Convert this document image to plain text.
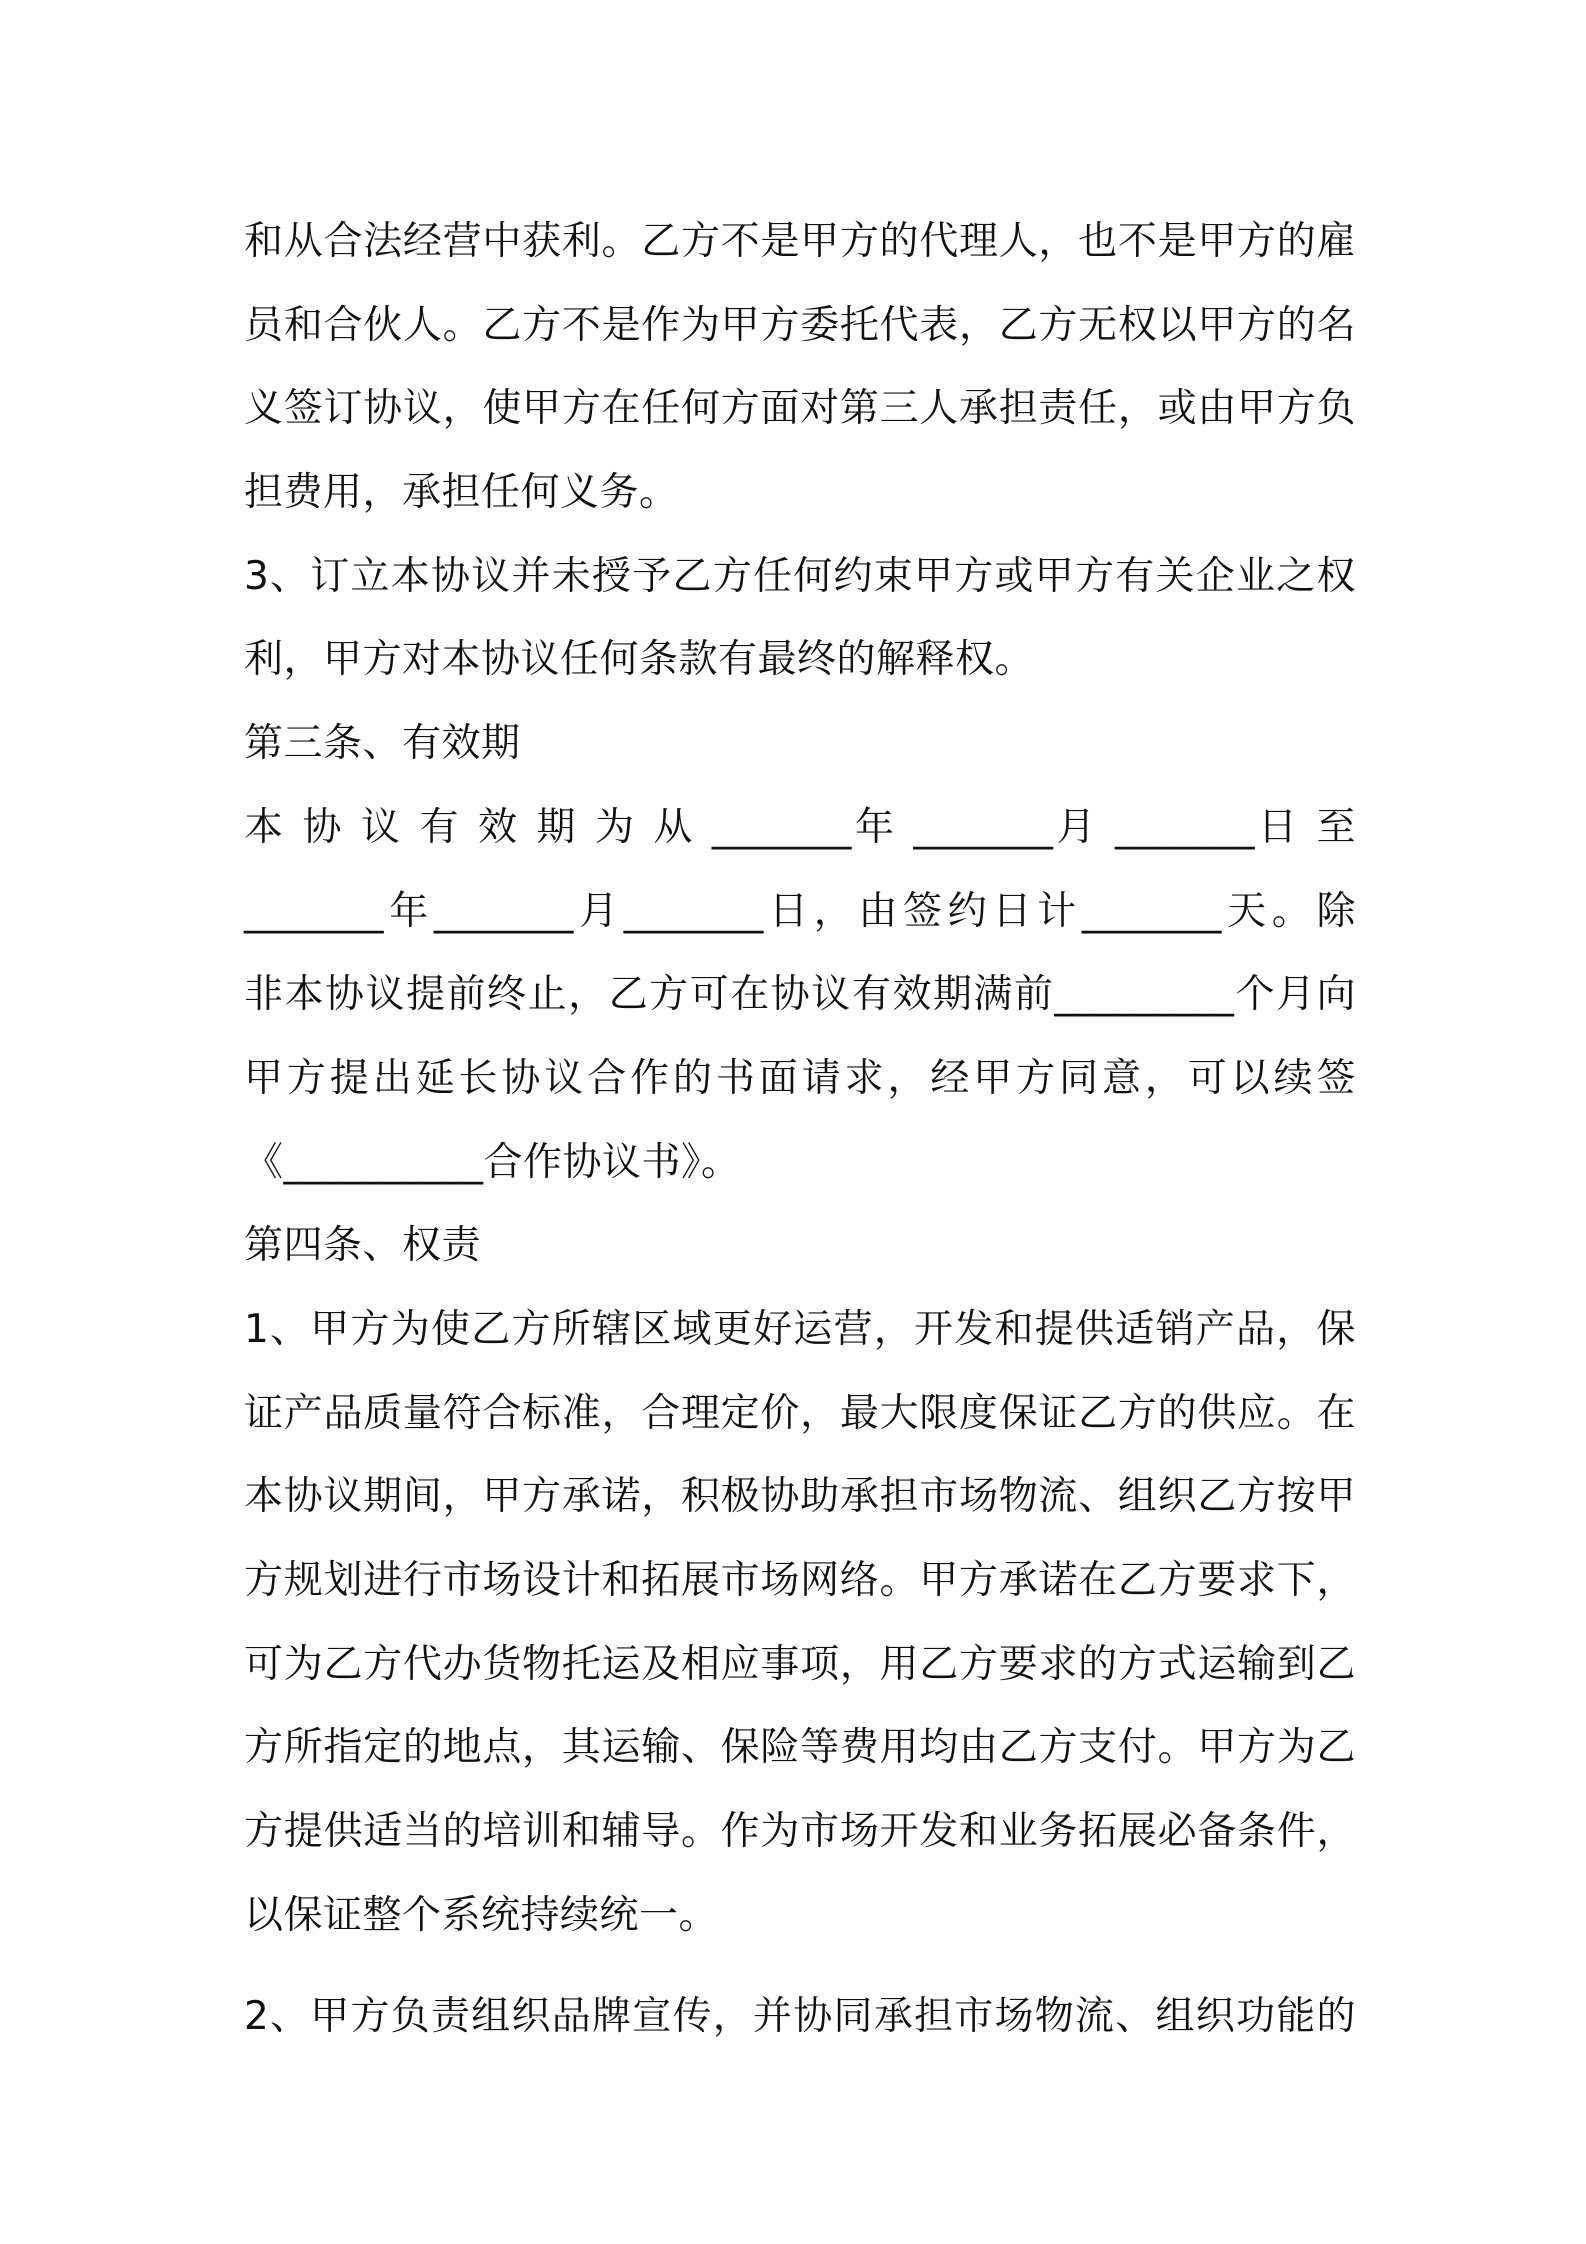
和从合法经营中获利。乙方不是甲方的代理人，也不是甲方的雇
员和合伙人。乙方不是作为甲方委托代表，乙方无权以甲方的名
义签订协议，使甲方在任何方面对第三人承担责任，或由甲方负
担费用，承担任何义务。
3、订立本协议并未授予乙方任何约束甲方或甲方有关企业之权
利，甲方对本协议任何条款有最终的解释权。
第三条、有效期
本 协 议 有 效 期 为 从 _______年 _______月 _______日 至
_______年_______月_______日，由签约日计_______天。除
非本协议提前终止，乙方可在协议有效期满前_________个月向
甲方提出延长协议合作的书面请求，经甲方同意，可以续签
《__________合作协议书》。
第四条、权责
1、甲方为使乙方所辖区域更好运营，开发和提供适销产品，保
证产品质量符合标准，合理定价，最大限度保证乙方的供应。在
本协议期间，甲方承诺，积极协助承担市场物流、组织乙方按甲
方规划进行市场设计和拓展市场网络。甲方承诺在乙方要求下，
可为乙方代办货物托运及相应事项，用乙方要求的方式运输到乙
方所指定的地点，其运输、保险等费用均由乙方支付。甲方为乙
方提供适当的培训和辅导。作为市场开发和业务拓展必备条件，
以保证整个系统持续统一。
2、甲方负责组织品牌宣传，并协同承担市场物流、组织功能的
